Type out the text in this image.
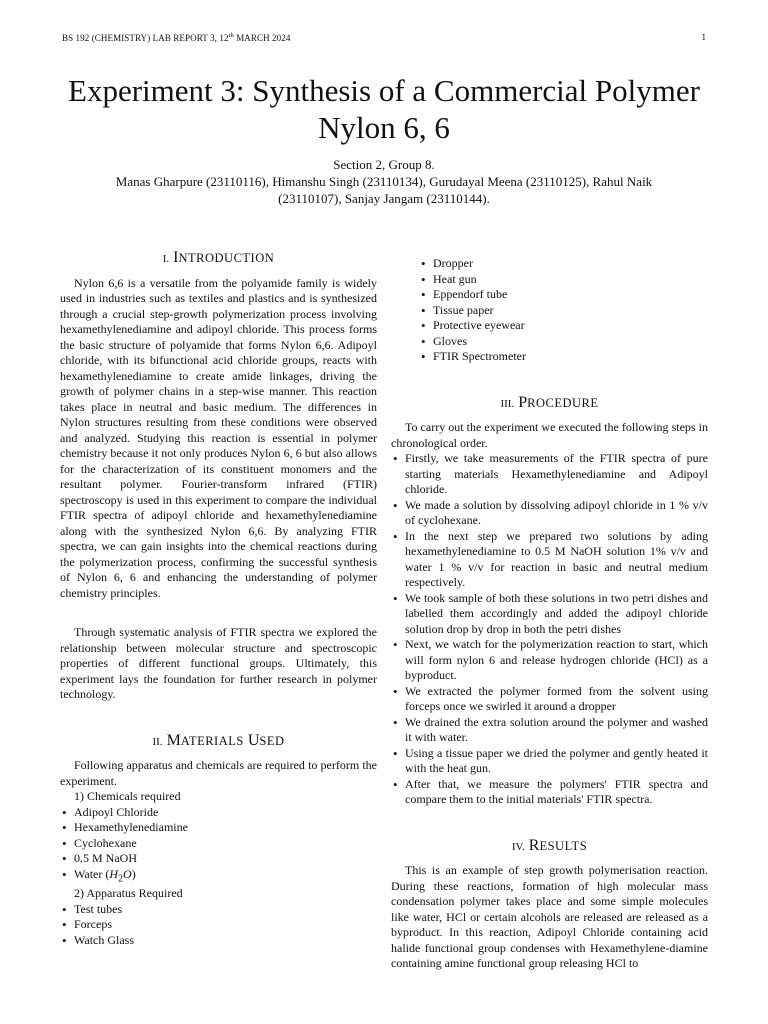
BS 192 (CHEMISTRY) LAB REPORT 3, 12th MARCH 2024	1
Experiment 3: Synthesis of a Commercial Polymer
Nylon 6, 6
Section 2, Group 8.
Manas Gharpure (23110116), Himanshu Singh (23110134), Gurudayal Meena (23110125), Rahul Naik
(23110107), Sanjay Jangam (23110144).
I. INTRODUCTION

Nylon 6,6 is a versatile from the polyamide family is widely used in industries such as textiles and plastics and is synthesized through a crucial step-growth polymerization process involving hexamethylenediamine and adipoyl chloride. This process forms the basic structure of polyamide that forms Nylon 6,6. Adipoyl chloride, with its bifunctional acid chloride groups, reacts with hexamethylenediamine to create amide linkages, driving the growth of polymer chains in a step-wise manner. This reaction takes place in neutral and basic medium. The differences in Nylon structures resulting from these conditions were observed and analyzed. Studying this reaction is essential in polymer chemistry because it not only produces Nylon 6, 6 but also allows for the characterization of its constituent monomers and the resultant polymer. Fourier-transform infrared (FTIR) spectroscopy is used in this experiment to compare the individual FTIR spectra of adipoyl chloride and hexamethylenediamine along with the synthesized Nylon 6,6. By analyzing FTIR spectra, we can gain insights into the chemical reactions during the polymerization process, confirming the successful synthesis of Nylon 6, 6 and enhancing the understanding of polymer chemistry principles.

Through systematic analysis of FTIR spectra we explored the relationship between molecular structure and spectroscopic properties of different functional groups. Ultimately, this experiment lays the foundation for further research in polymer technology.

II. MATERIALS USED

Following apparatus and chemicals are required to perform the experiment.

1) Chemicals required
• Adipoyl Chloride
• Hexamethylenediamine
• Cyclohexane
• 0.5 M NaOH
• Water $(H_2O)$
2) Apparatus Required
• Test tubes
• Forceps
• Watch Glass
• Dropper
• Heat gun
• Eppendorf tube
• Tissue paper
• Protective eyewear
• Gloves
• FTIR Spectrometer
III. PROCEDURE

To carry out the experiment we executed the following steps in chronological order.

• Firstly, we take measurements of the FTIR spectra of pure starting materials Hexamethylenediamine and Adipoyl chloride.
• We made a solution by dissolving adipoyl chloride in 1 % v/v of cyclohexane.
• In the next step we prepared two solutions by ading hexamethylenediamine to 0.5 M NaOH solution 1% v/v and water 1 % v/v for reaction in basic and neutral medium respectively.
• We took sample of both these solutions in two petri dishes and labelled them accordingly and added the adipoyl chloride solution drop by drop in both the petri dishes
• Next, we watch for the polymerization reaction to start, which will form nylon 6 and release hydrogen chloride (HCl) as a byproduct.
• We extracted the polymer formed from the solvent using forceps once we swirled it around a dropper
• We drained the extra solution around the polymer and washed it with water.
• Using a tissue paper we dried the polymer and gently heated it with the heat gun.
• After that, we measure the polymers' FTIR spectra and compare them to the initial materials' FTIR spectra.
IV. RESULTS

This is an example of step growth polymerisation reaction. During these reactions, formation of high molecular mass condensation polymer takes place and some simple molecules like water, HCl or certain alcohols are released are released as a byproduct. In this reaction, Adipoyl Chloride containing acid halide functional group condenses with Hexamethylene-diamine containing amine functional group releasing HCl to
